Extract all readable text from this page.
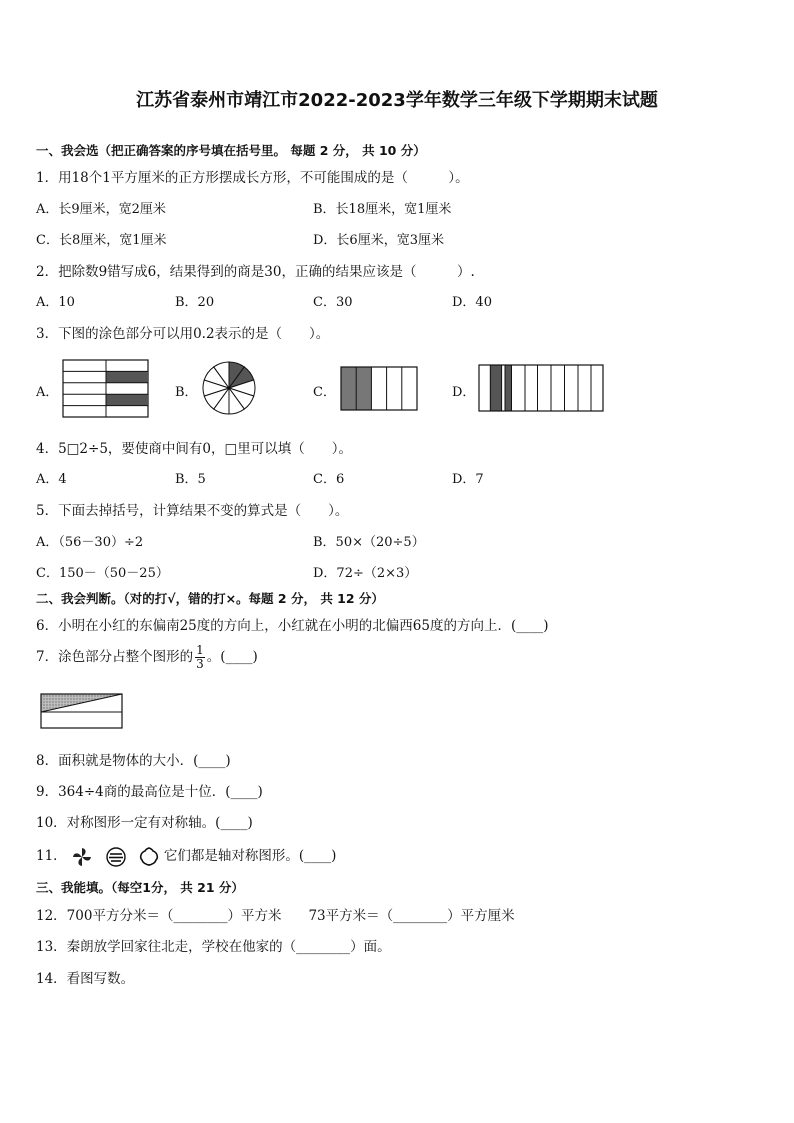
江苏省泰州市靖江市2022-2023学年数学三年级下学期期末试题
一、我会选（把正确答案的序号填在括号里。 每题 2 分， 共 10 分）
1．用18个1平方厘米的正方形摆成长方形，不可能围成的是（　　　）。
A．长9厘米，宽2厘米	B．长18厘米，宽1厘米
C．长8厘米，宽1厘米	D．长6厘米，宽3厘米
2．把除数9错写成6，结果得到的商是30，正确的结果应该是（　　　）.
A．10	B．20	C．30	D．40
3．下图的涂色部分可以用0.2表示的是（　　）。
A．	B．	C．	D．
4．5□2÷5，要使商中间有0，□里可以填（　　）。
A．4	B．5	C．6	D．7
5．下面去掉括号，计算结果不变的算式是（　　）。
A．（56－30）÷2	B．50×（20÷5）
C．150－（50－25）	D．72÷（2×3）
二、我会判断。（对的打√，错的打×。每题 2 分， 共 12 分）
6．小明在小红的东偏南25度的方向上，小红就在小明的北偏西65度的方向上．(____)
7．涂色部分占整个图形的 $\frac{1}{3}$ 。(____)
8．面积就是物体的大小．(____)
9．364÷4商的最高位是十位．(____)
10．对称图形一定有对称轴。(____)
11．	它们都是轴对称图形。(____)
三、我能填。（每空1分， 共 21 分）
12．700平方分米＝（________）平方米　　73平方米＝（________）平方厘米
13．秦朗放学回家往北走，学校在他家的（________）面。
14．看图写数。
